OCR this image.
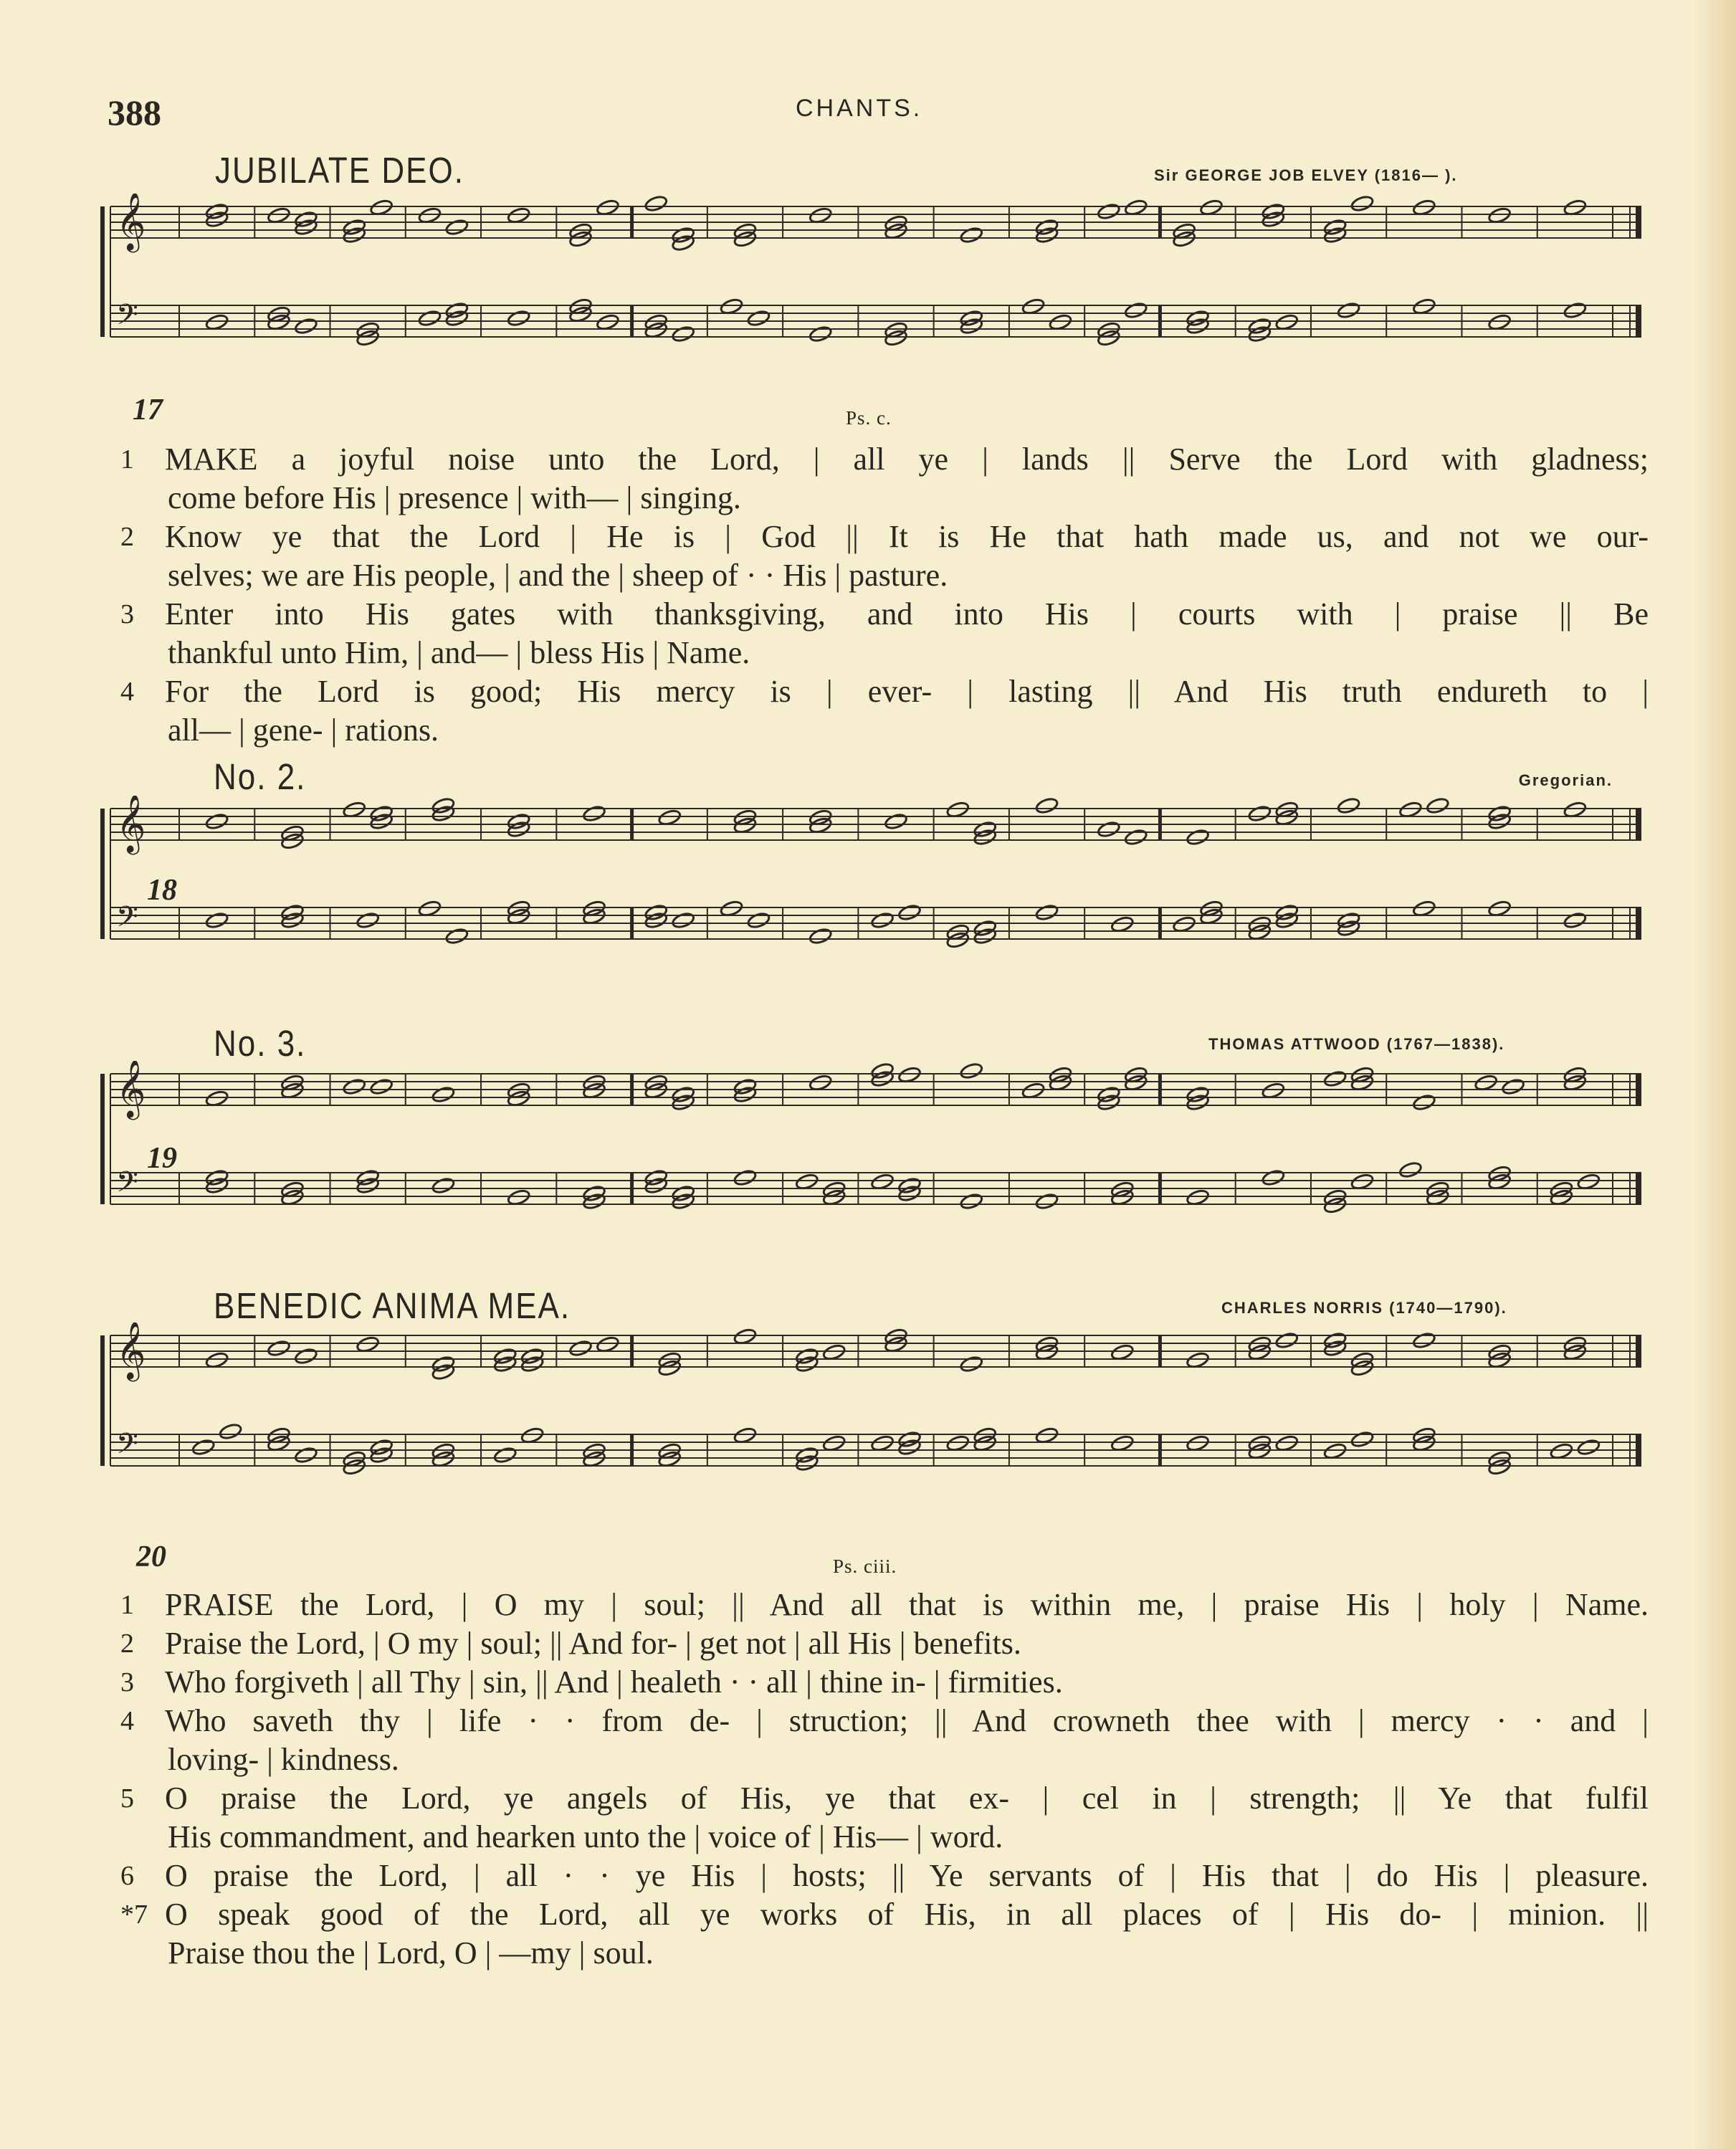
388	CHANTS.
JUBILATE DEO.	Sir GEORGE JOB ELVEY (1816— ).
𝄞
𝄢
17	Ps. c.
1 MAKE a joyful noise unto the Lord, | all ye | lands || Serve the Lord with gladness;
come before His | presence | with— | singing.
2 Know ye that the Lord | He is | God || It is He that hath made us, and not we our-
selves; we are His people, | and the | sheep of · · His | pasture.
3 Enter into His gates with thanksgiving, and into His | courts with | praise || Be
thankful unto Him, | and— | bless His | Name.
4 For the Lord is good; His mercy is | ever- | lasting || And His truth endureth to |
all— | gene- | rations.
No. 2.	Gregorian.
𝄞
𝄢
18
No. 3.	THOMAS ATTWOOD (1767—1838).
𝄞
𝄢
19
BENEDIC ANIMA MEA.	CHARLES NORRIS (1740—1790).
𝄞
𝄢
20	Ps. ciii.
1 PRAISE the Lord, | O my | soul; || And all that is within me, | praise His | holy | Name.
2 Praise the Lord, | O my | soul; || And for- | get not | all His | benefits.
3 Who forgiveth | all Thy | sin, || And | healeth · · all | thine in- | firmities.
4 Who saveth thy | life · · from de- | struction; || And crowneth thee with | mercy · · and |
loving- | kindness.
5 O praise the Lord, ye angels of His, ye that ex- | cel in | strength; || Ye that fulfil
His commandment, and hearken unto the | voice of | His— | word.
6 O praise the Lord, | all · · ye His | hosts; || Ye servants of | His that | do His | pleasure.
*7 O speak good of the Lord, all ye works of His, in all places of | His do- | minion. ||
Praise thou the | Lord, O | —my | soul.
